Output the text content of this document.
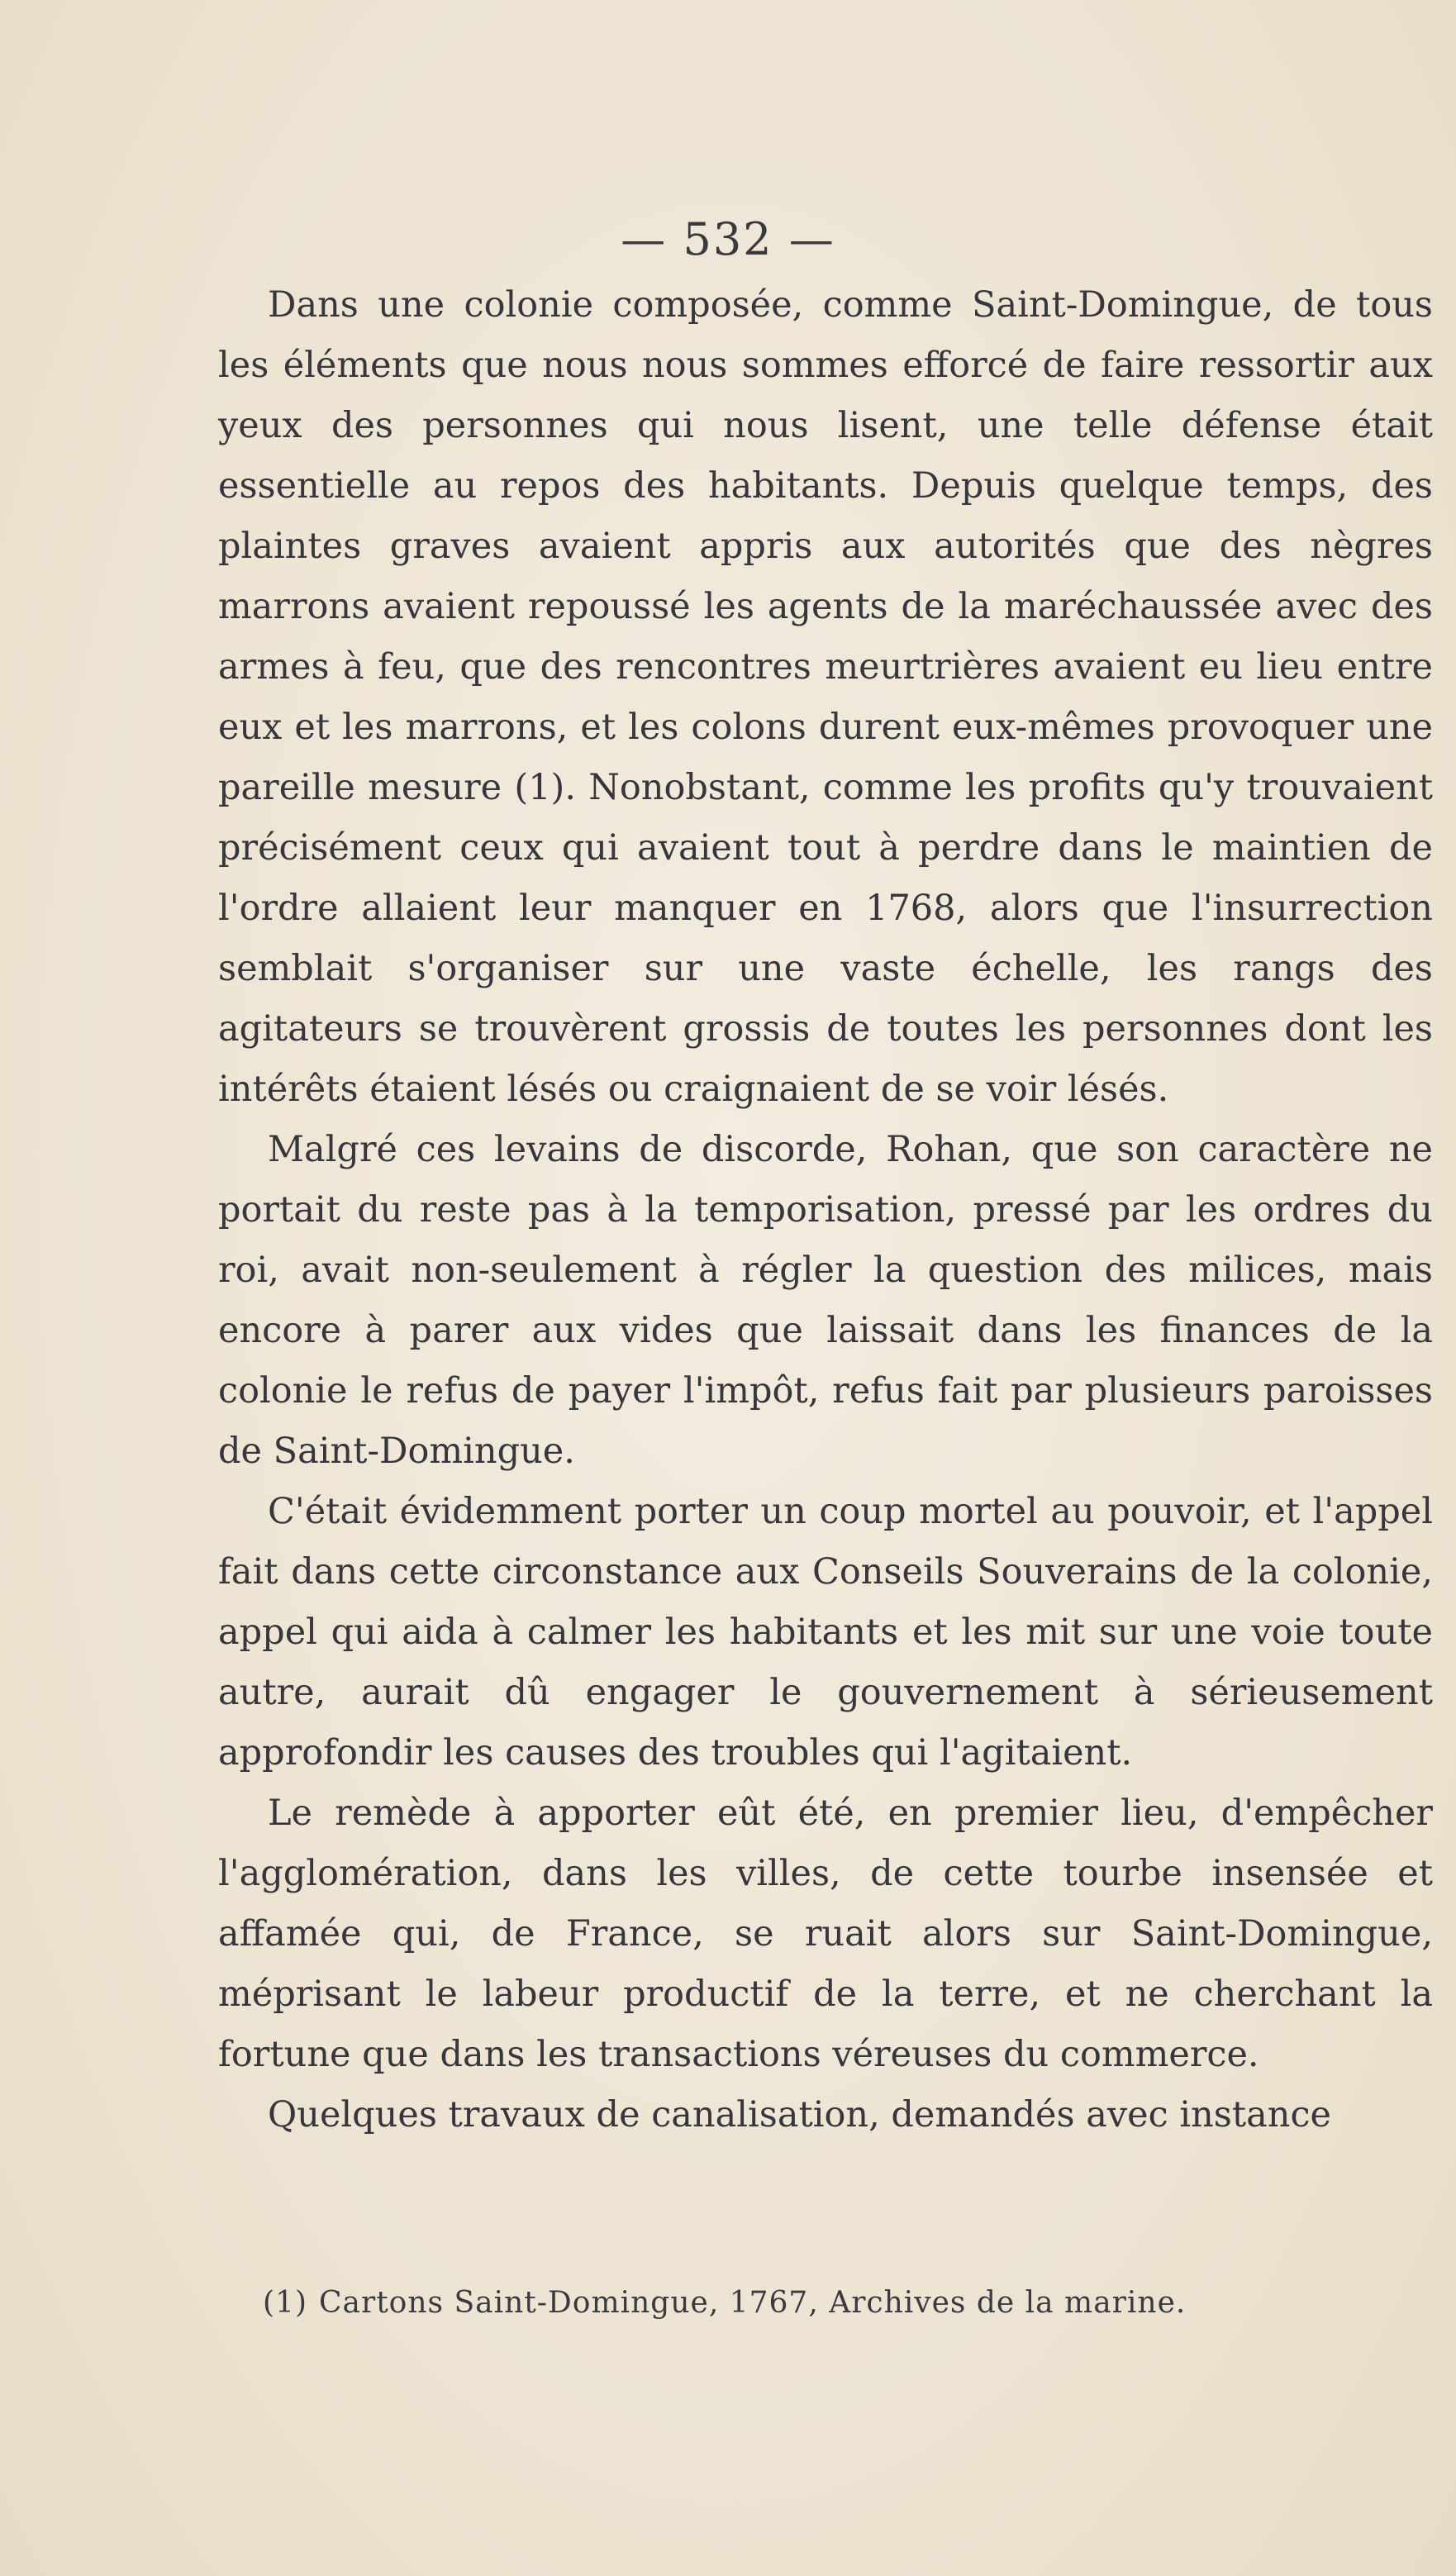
— 532 —

Dans une colonie composée, comme Saint-Domingue, de tous les éléments que nous nous sommes efforcé de faire ressortir aux yeux des personnes qui nous lisent, une telle défense était essentielle au repos des habitants. Depuis quelque temps, des plaintes graves avaient appris aux autorités que des nègres marrons avaient repoussé les agents de la maréchaussée avec des armes à feu, que des rencontres meurtrières avaient eu lieu entre eux et les marrons, et les colons durent eux-mêmes provoquer une pareille mesure (1). Nonobstant, comme les profits qu'y trouvaient précisément ceux qui avaient tout à perdre dans le maintien de l'ordre allaient leur manquer en 1768, alors que l'insurrection semblait s'organiser sur une vaste échelle, les rangs des agitateurs se trouvèrent grossis de toutes les personnes dont les intérêts étaient lésés ou craignaient de se voir lésés.

Malgré ces levains de discorde, Rohan, que son caractère ne portait du reste pas à la temporisation, pressé par les ordres du roi, avait non-seulement à régler la question des milices, mais encore à parer aux vides que laissait dans les finances de la colonie le refus de payer l'impôt, refus fait par plusieurs paroisses de Saint-Domingue.

C'était évidemment porter un coup mortel au pouvoir, et l'appel fait dans cette circonstance aux Conseils Souverains de la colonie, appel qui aida à calmer les habitants et les mit sur une voie toute autre, aurait dû engager le gouvernement à sérieusement approfondir les causes des troubles qui l'agitaient.

Le remède à apporter eût été, en premier lieu, d'empêcher l'agglomération, dans les villes, de cette tourbe insensée et affamée qui, de France, se ruait alors sur Saint-Domingue, méprisant le labeur productif de la terre, et ne cherchant la fortune que dans les transactions véreuses du commerce.

Quelques travaux de canalisation, demandés avec instance

(1) Cartons Saint-Domingue, 1767, Archives de la marine.
